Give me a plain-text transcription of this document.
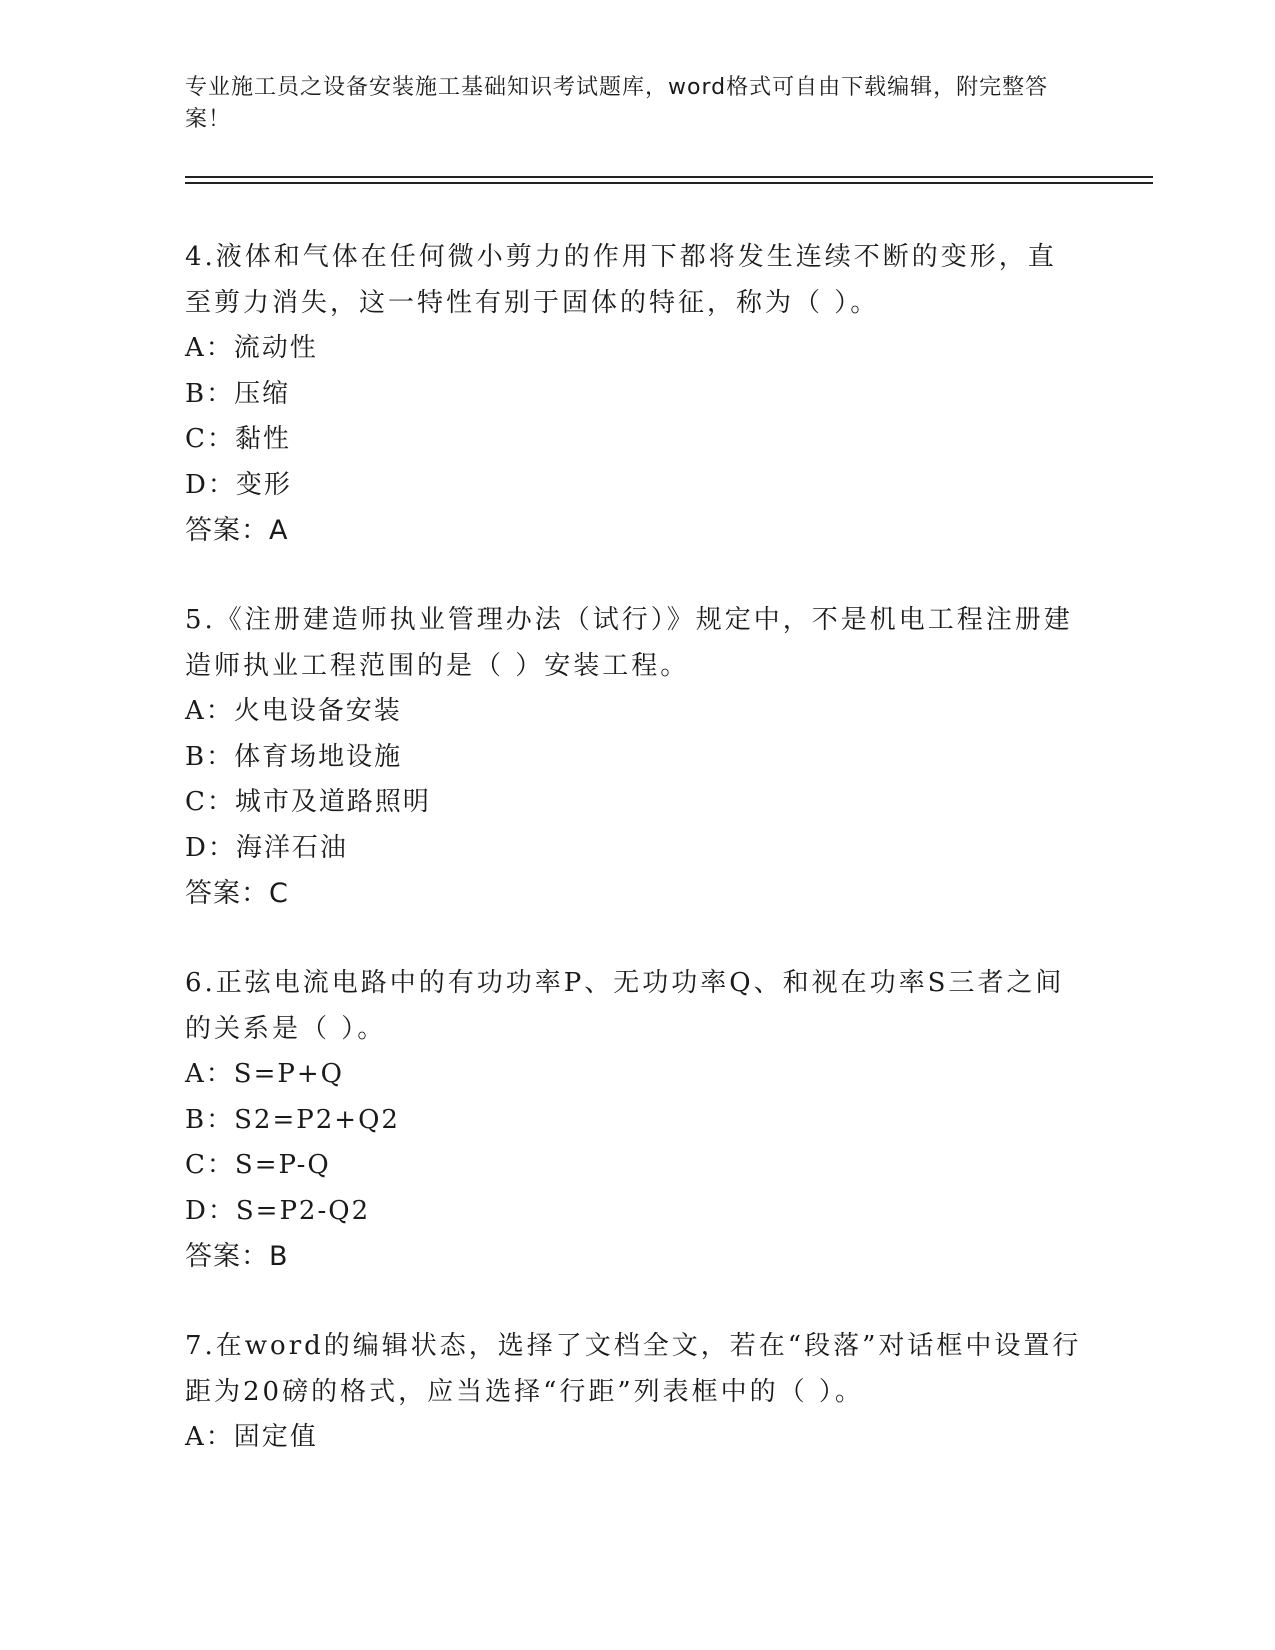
专业施工员之设备安装施工基础知识考试题库，word格式可自由下载编辑，附完整答案！
4.液体和气体在任何微小剪力的作用下都将发生连续不断的变形，直至剪力消失，这一特性有别于固体的特征，称为（ ）。
A：流动性
B：压缩
C：黏性
D：变形
答案：A
5.《注册建造师执业管理办法（试行）》规定中，不是机电工程注册建造师执业工程范围的是（ ）安装工程。
A：火电设备安装
B：体育场地设施
C：城市及道路照明
D：海洋石油
答案：C
6.正弦电流电路中的有功功率P、无功功率Q、和视在功率S三者之间的关系是（ ）。
A：S=P+Q
B：S2=P2+Q2
C：S=P-Q
D：S=P2-Q2
答案：B
7.在word的编辑状态，选择了文档全文，若在“段落”对话框中设置行距为20磅的格式，应当选择“行距”列表框中的（ ）。
A：固定值
